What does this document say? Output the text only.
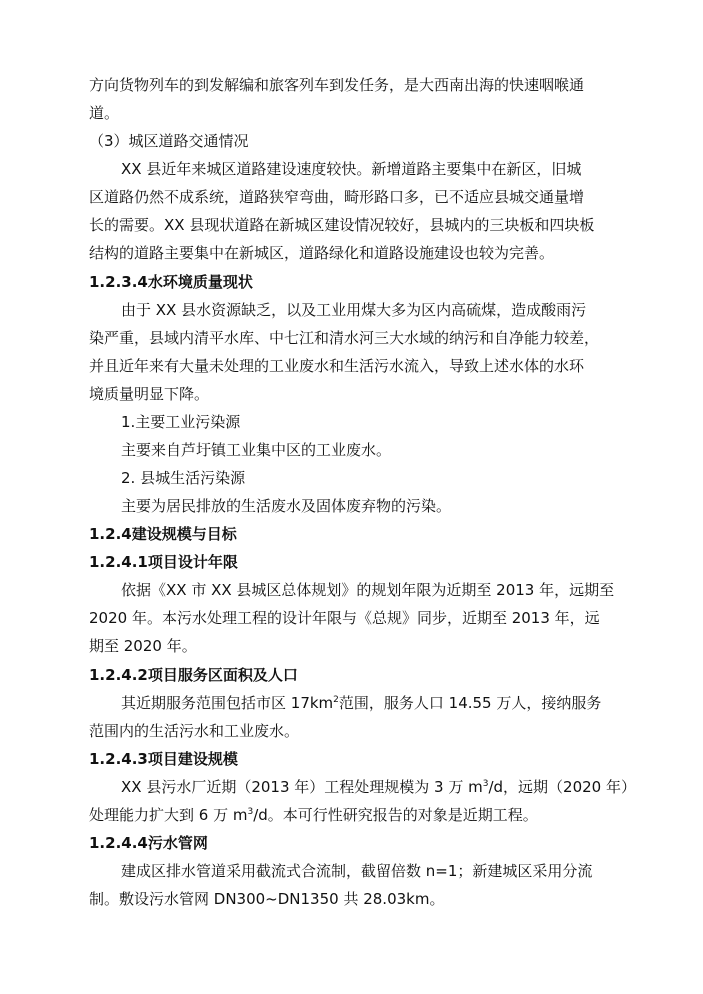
方向货物列车的到发解编和旅客列车到发任务，是大西南出海的快速咽喉通
道。
（3）城区道路交通情况
XX 县近年来城区道路建设速度较快。新增道路主要集中在新区，旧城
区道路仍然不成系统，道路狭窄弯曲，畸形路口多，已不适应县城交通量增
长的需要。XX 县现状道路在新城区建设情况较好，县城内的三块板和四块板
结构的道路主要集中在新城区，道路绿化和道路设施建设也较为完善。
1.2.3.4水环境质量现状
由于 XX 县水资源缺乏，以及工业用煤大多为区内高硫煤，造成酸雨污
染严重，县域内清平水库、中七江和清水河三大水域的纳污和自净能力较差，
并且近年来有大量未处理的工业废水和生活污水流入，导致上述水体的水环
境质量明显下降。
1.主要工业污染源
主要来自芦圩镇工业集中区的工业废水。
2. 县城生活污染源
主要为居民排放的生活废水及固体废弃物的污染。
1.2.4建设规模与目标
1.2.4.1项目设计年限
依据《XX 市 XX 县城区总体规划》的规划年限为近期至 2013 年，远期至
2020 年。本污水处理工程的设计年限与《总规》同步，近期至 2013 年，远
期至 2020 年。
1.2.4.2项目服务区面积及人口
其近期服务范围包括市区 $17km^2$范围，服务人口 14.55 万人，接纳服务
范围内的生活污水和工业废水。
1.2.4.3项目建设规模
XX 县污水厂近期（2013 年）工程处理规模为 3 万 $m^3/d$，远期（2020 年）
处理能力扩大到 6 万 $m^3/d$。本可行性研究报告的对象是近期工程。
1.2.4.4污水管网
建成区排水管道采用截流式合流制，截留倍数 n=1；新建城区采用分流
制。敷设污水管网 DN300~DN1350 共 28.03km。
